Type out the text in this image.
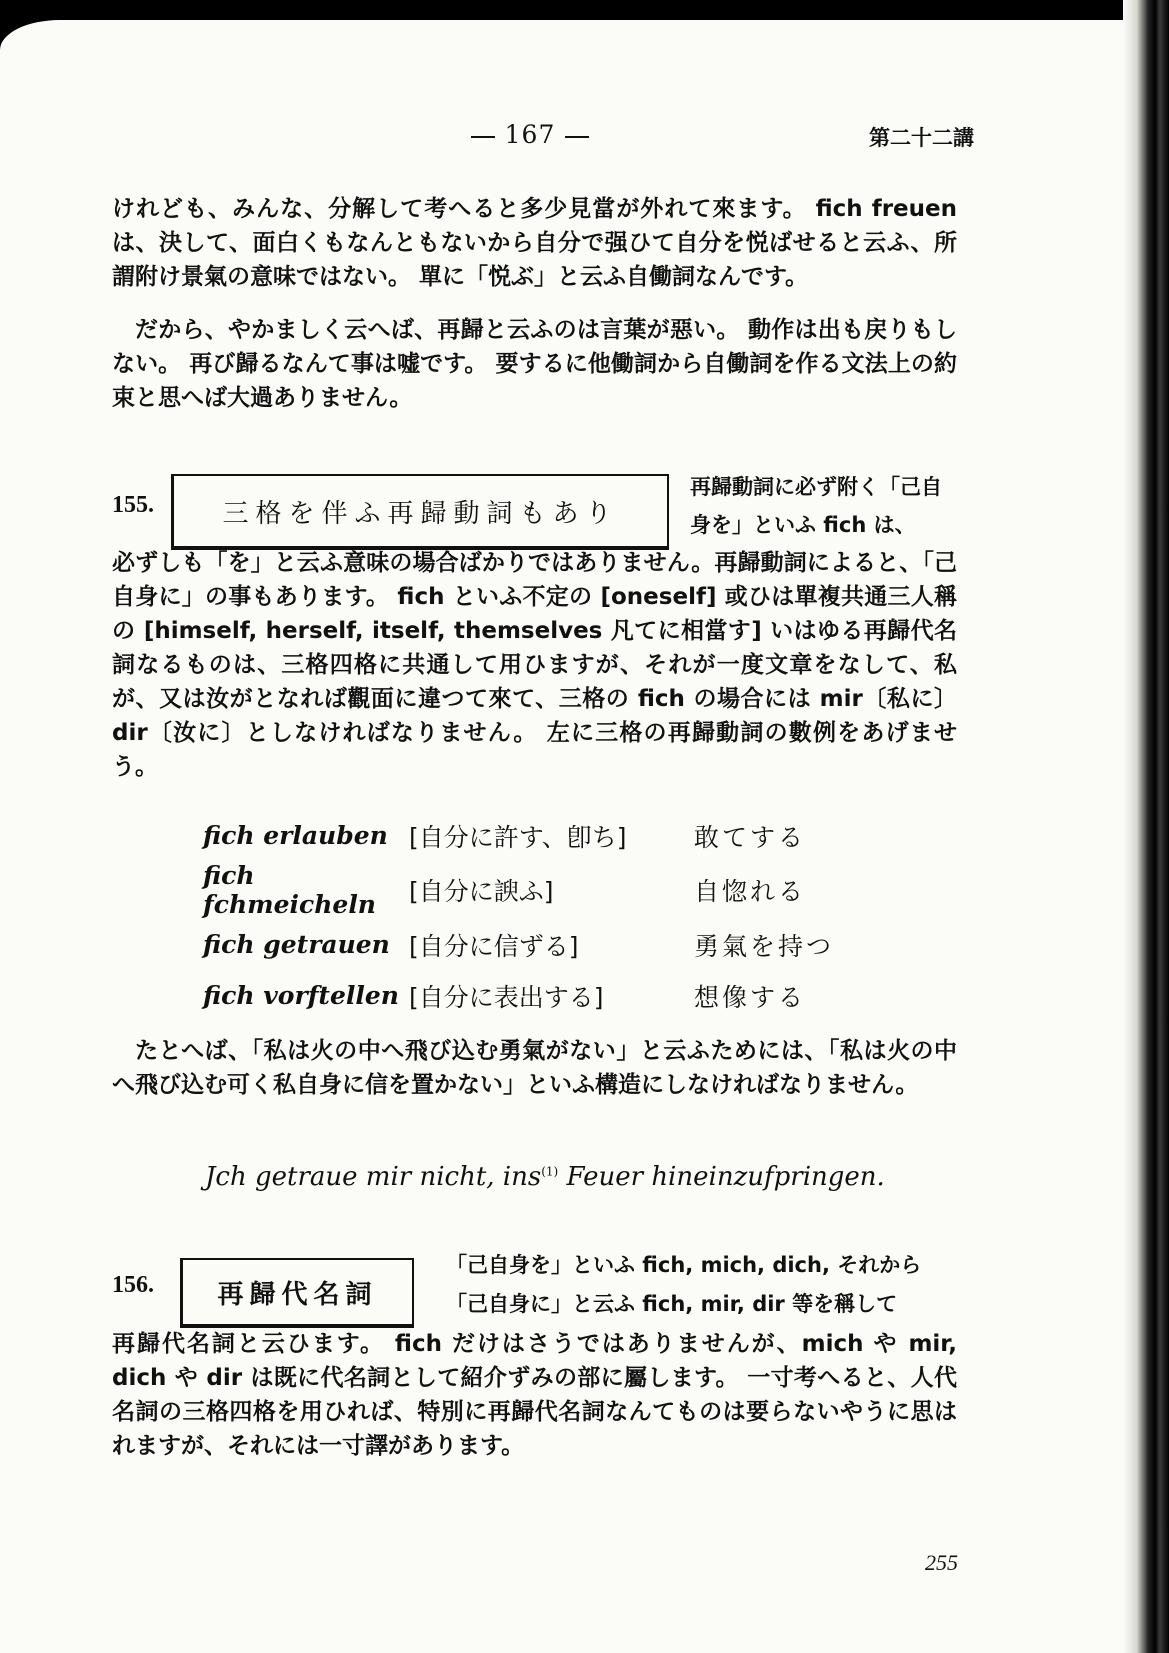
167	第二十二講
けれども、みんな、分解して考へると多少見當が外れて來ます。 fich freuen は、決して、面白くもなんともないから自分で强ひて自分を悦ばせると云ふ、所謂附け景氣の意味ではない。 單に「悦ぶ」と云ふ自働詞なんです。
だから、やかましく云へば、再歸と云ふのは言葉が惡い。 動作は出も戻りもしない。 再び歸るなんて事は嘘です。 要するに他働詞から自働詞を作る文法上の約束と思へば大過ありません。
155.	三格を伴ふ再歸動詞もあり
再歸動詞に必ず附く「己自身を」といふ fich は、
必ずしも「を」と云ふ意味の場合ばかりではありません。再歸動詞によると、「己自身に」の事もあります。 fich といふ不定の [oneself] 或ひは單複共通三人稱の [himself, herself, itself, themselves 凡てに相當す] いはゆる再歸代名詞なるものは、三格四格に共通して用ひますが、それが一度文章をなして、私が、又は汝がとなれば觀面に違つて來て、三格の fich の場合には mir〔私に〕 dir〔汝に〕としなければなりません。 左に三格の再歸動詞の數例をあげませう。
fich erlauben	[自分に許す、卽ち]	敢てする
fich fchmeicheln	[自分に諛ふ]	自惚れる
fich getrauen	[自分に信ずる]	勇氣を持つ
fich vorftellen	[自分に表出する]	想像する
たとへば、「私は火の中へ飛び込む勇氣がない」と云ふためには、「私は火の中へ飛び込む可く私自身に信を置かない」といふ構造にしなければなりません。
Jch getraue mir nicht, ins$^{(1)}$ Feuer hineinzufpringen.
156. 再歸代名詞
「己自身を」といふ fich, mich, dich, それから「己自身に」と云ふ fich, mir, dir 等を稱して
再歸代名詞と云ひます。 fich だけはさうではありませんが、mich や mir, dich や dir は既に代名詞として紹介ずみの部に屬します。 一寸考へると、人代名詞の三格四格を用ひれば、特別に再歸代名詞なんてものは要らないやうに思はれますが、それには一寸譯があります。
255
